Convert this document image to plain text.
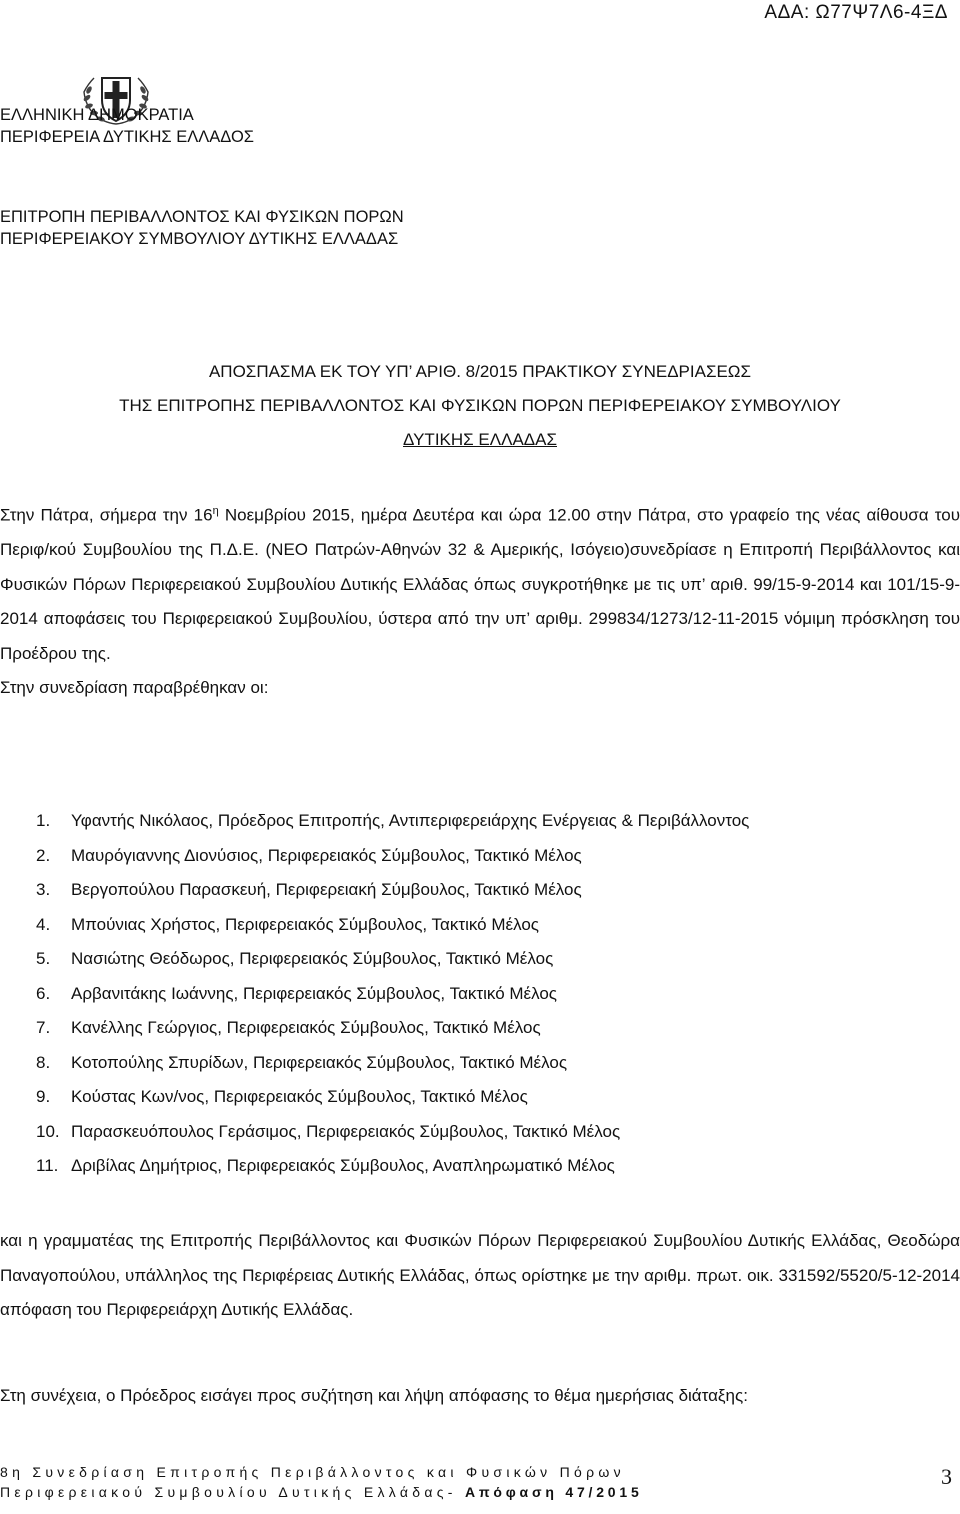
ΑΔΑ: Ω77Ψ7Λ6-4ΞΔ
ΕΛΛΗΝΙΚΗ ΔΗΜΟΚΡΑΤΙΑ
ΠΕΡΙΦΕΡΕΙΑ ΔΥΤΙΚΗΣ ΕΛΛΑΔΟΣ
ΕΠΙΤΡΟΠΗ ΠΕΡΙΒΑΛΛΟΝΤΟΣ ΚΑΙ ΦΥΣΙΚΩΝ ΠΟΡΩΝ
ΠΕΡΙΦΕΡΕΙΑΚΟΥ ΣΥΜΒΟΥΛΙΟΥ ΔΥΤΙΚΗΣ ΕΛΛΑΔΑΣ
ΑΠΟΣΠΑΣΜΑ ΕΚ ΤΟΥ ΥΠ’ ΑΡΙΘ. 8/2015 ΠΡΑΚΤΙΚΟΥ ΣΥΝΕΔΡΙΑΣΕΩΣ
ΤΗΣ ΕΠΙΤΡΟΠΗΣ ΠΕΡΙΒΑΛΛΟΝΤΟΣ ΚΑΙ ΦΥΣΙΚΩΝ ΠΟΡΩΝ ΠΕΡΙΦΕΡΕΙΑΚΟΥ ΣΥΜΒΟΥΛΙΟΥ
ΔΥΤΙΚΗΣ ΕΛΛΑΔΑΣ

Στην Πάτρα, σήμερα την $16^\eta$ Νοεμβρίου 2015, ημέρα Δευτέρα και ώρα 12.00 στην Πάτρα, στο γραφείο της νέας αίθουσα του Περιφ/κού Συμβουλίου της Π.Δ.Ε. (ΝΕΟ Πατρών-Αθηνών 32 & Αμερικής, Ισόγειο)συνεδρίασε η Επιτροπή Περιβάλλοντος και Φυσικών Πόρων Περιφερειακού Συμβουλίου Δυτικής Ελλάδας όπως συγκροτήθηκε με τις υπ’ αριθ. 99/15-9-2014 και 101/15-9-2014 αποφάσεις του Περιφερειακού Συμβουλίου, ύστερα από την υπ’ αριθμ. 299834/1273/12-11-2015 νόμιμη πρόσκληση του Προέδρου της.

Στην συνεδρίαση παραβρέθηκαν οι:

1. Υφαντής Νικόλαος, Πρόεδρος Επιτροπής, Αντιπεριφερειάρχης Ενέργειας & Περιβάλλοντος
2. Μαυρόγιαννης Διονύσιος, Περιφερειακός Σύμβουλος, Τακτικό Μέλος
3. Βεργοπούλου Παρασκευή, Περιφερειακή Σύμβουλος, Τακτικό Μέλος
4. Μπούνιας Χρήστος, Περιφερειακός Σύμβουλος, Τακτικό Μέλος
5. Νασιώτης Θεόδωρος, Περιφερειακός Σύμβουλος, Τακτικό Μέλος
6. Αρβανιτάκης Ιωάννης, Περιφερειακός Σύμβουλος, Τακτικό Μέλος
7. Κανέλλης Γεώργιος, Περιφερειακός Σύμβουλος, Τακτικό Μέλος
8. Κοτοπούλης Σπυρίδων, Περιφερειακός Σύμβουλος, Τακτικό Μέλος
9. Κούστας Κων/νος, Περιφερειακός Σύμβουλος, Τακτικό Μέλος
10. Παρασκευόπουλος Γεράσιμος, Περιφερειακός Σύμβουλος, Τακτικό Μέλος
11. Δριβίλας Δημήτριος, Περιφερειακός Σύμβουλος, Αναπληρωματικό Μέλος

και η γραμματέας της Επιτροπής Περιβάλλοντος και Φυσικών Πόρων Περιφερειακού Συμβουλίου Δυτικής Ελλάδας, Θεοδώρα Παναγοπούλου, υπάλληλος της Περιφέρειας Δυτικής Ελλάδας, όπως ορίστηκε με την αριθμ. πρωτ. οικ. 331592/5520/5-12-2014 απόφαση του Περιφερειάρχη Δυτικής Ελλάδας.

Στη συνέχεια, ο Πρόεδρος εισάγει προς συζήτηση και λήψη απόφασης το θέμα ημερήσιας διάταξης:

8η Συνεδρίαση Επιτροπής Περιβάλλοντος και Φυσικών Πόρων
Περιφερειακού Συμβουλίου Δυτικής Ελλάδας- Απόφαση 47/2015
3
